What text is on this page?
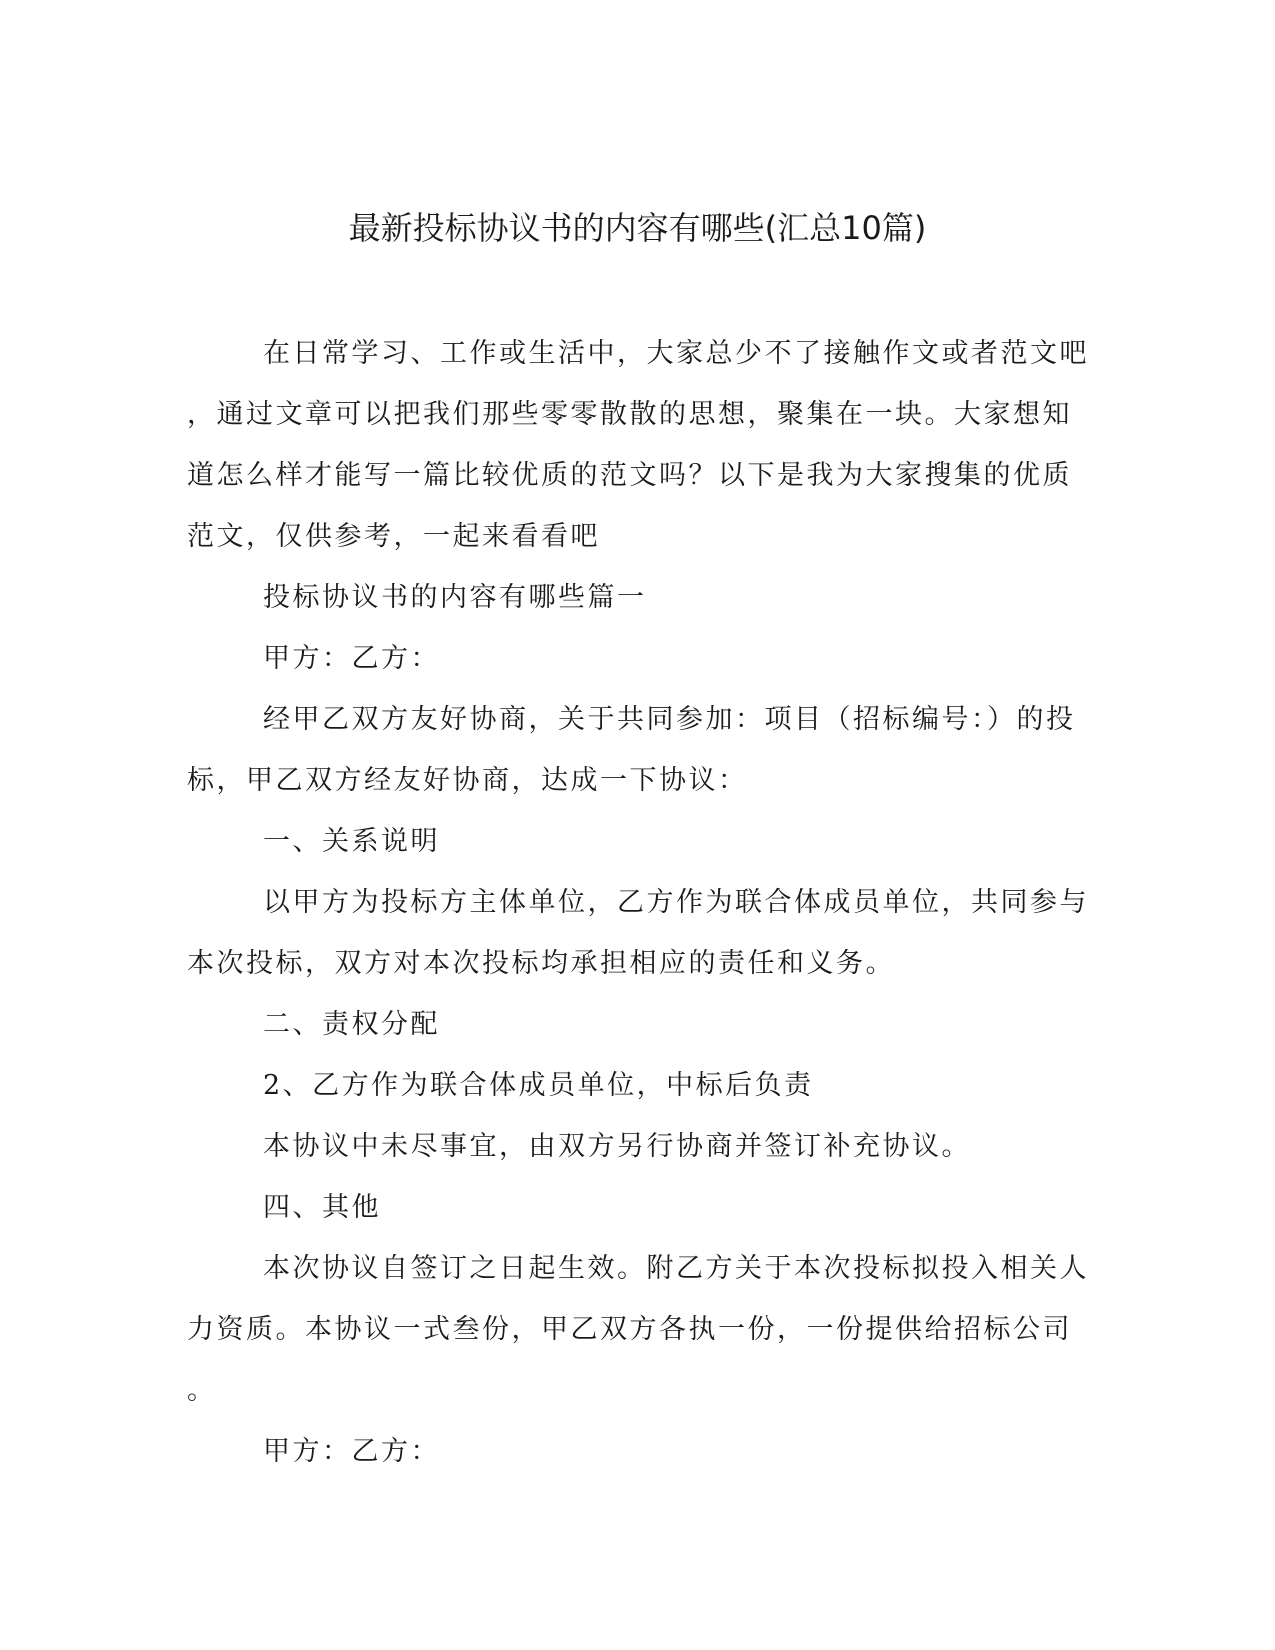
最新投标协议书的内容有哪些(汇总10篇)
在日常学习、工作或生活中，大家总少不了接触作文或者范文吧
，通过文章可以把我们那些零零散散的思想，聚集在一块。大家想知
道怎么样才能写一篇比较优质的范文吗？以下是我为大家搜集的优质
范文，仅供参考，一起来看看吧
投标协议书的内容有哪些篇一
甲方：乙方：
经甲乙双方友好协商，关于共同参加：项目（招标编号：）的投
标，甲乙双方经友好协商，达成一下协议：
一、关系说明
以甲方为投标方主体单位，乙方作为联合体成员单位，共同参与
本次投标，双方对本次投标均承担相应的责任和义务。
二、责权分配
2、乙方作为联合体成员单位，中标后负责
本协议中未尽事宜，由双方另行协商并签订补充协议。
四、其他
本次协议自签订之日起生效。附乙方关于本次投标拟投入相关人
力资质。本协议一式叁份，甲乙双方各执一份，一份提供给招标公司
。
甲方：乙方：
